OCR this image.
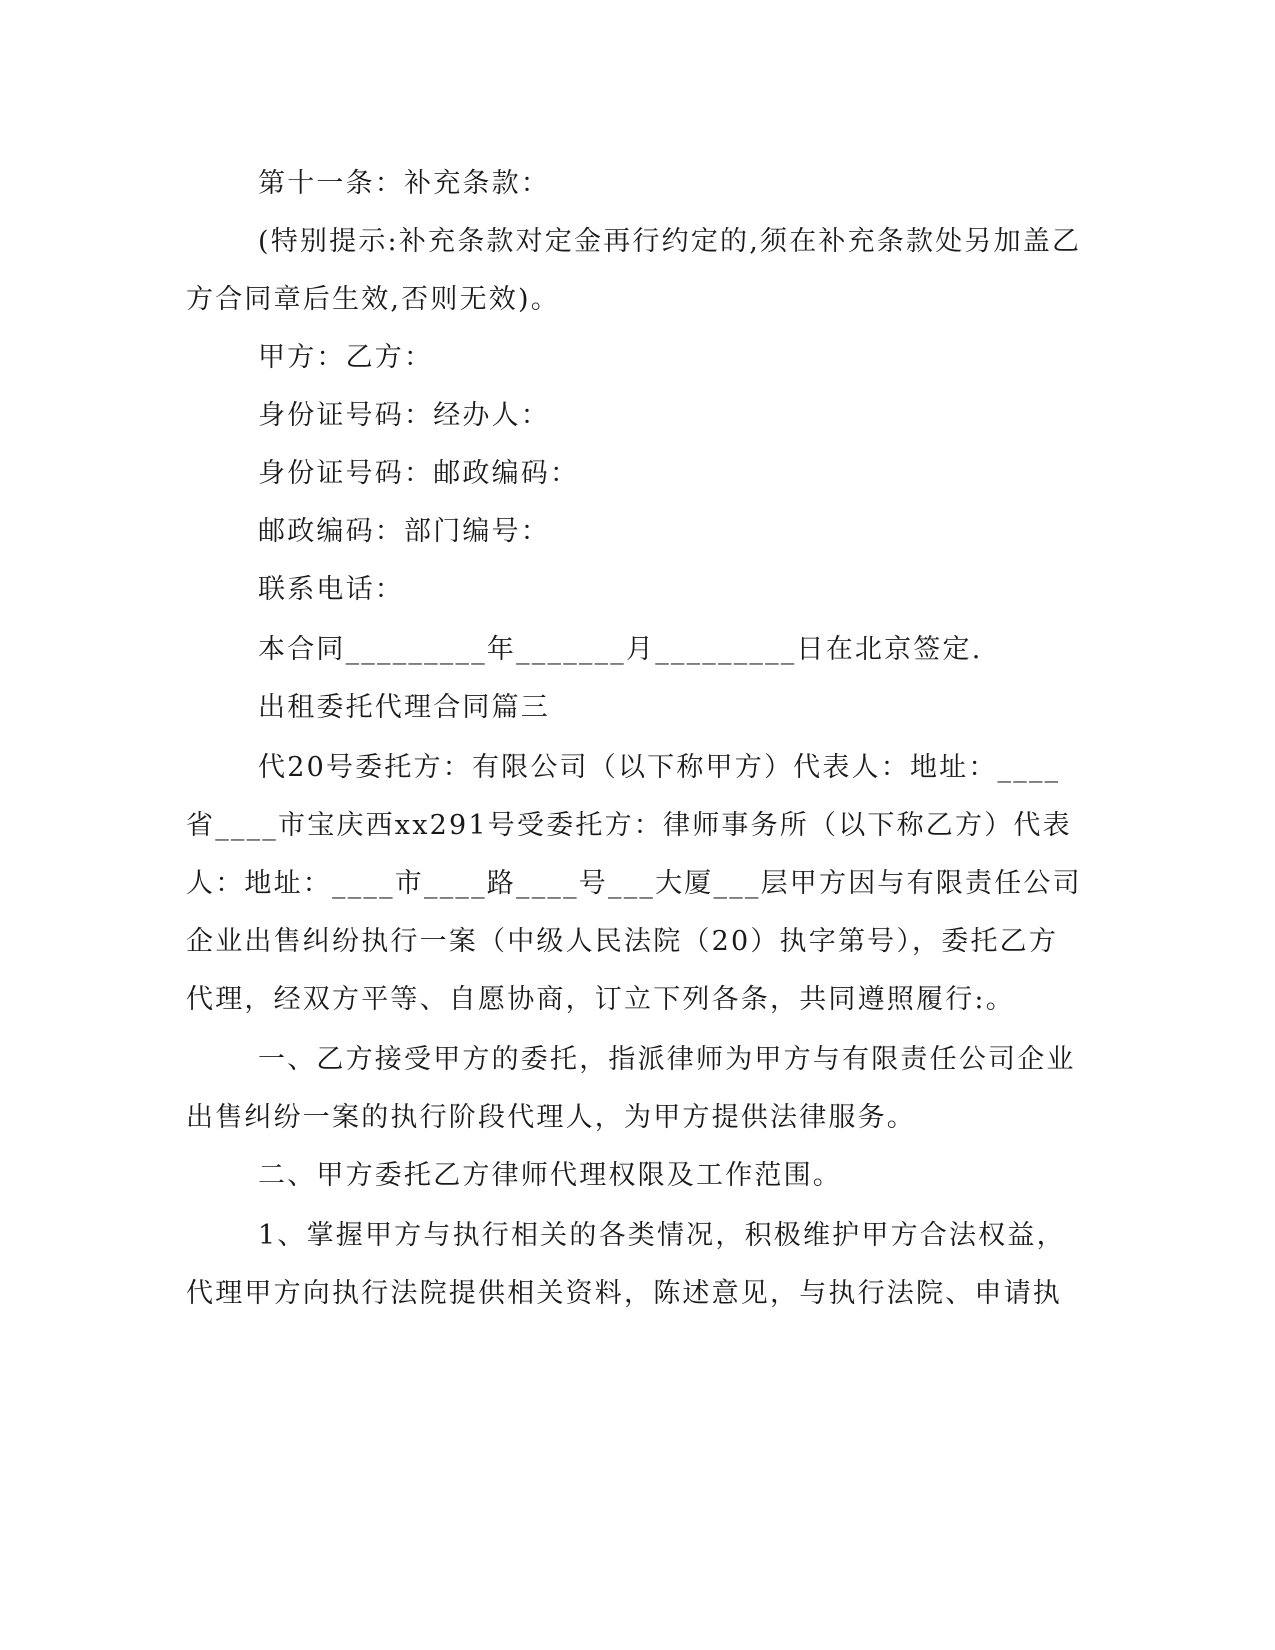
第十一条：补充条款：
(特别提示:补充条款对定金再行约定的,须在补充条款处另加盖乙
方合同章后生效,否则无效)。
甲方：乙方：
身份证号码：经办人：
身份证号码：邮政编码：
邮政编码：部门编号：
联系电话：
本合同_________年_______月_________日在北京签定.
出租委托代理合同篇三
代20号委托方：有限公司（以下称甲方）代表人：地址：____
省____市宝庆西xx291号受委托方：律师事务所（以下称乙方）代表
人：地址：____市____路____号___大厦___层甲方因与有限责任公司
企业出售纠纷执行一案（中级人民法院（20）执字第号），委托乙方
代理，经双方平等、自愿协商，订立下列各条，共同遵照履行:。
一、乙方接受甲方的委托，指派律师为甲方与有限责任公司企业
出售纠纷一案的执行阶段代理人，为甲方提供法律服务。
二、甲方委托乙方律师代理权限及工作范围。
1、掌握甲方与执行相关的各类情况，积极维护甲方合法权益，
代理甲方向执行法院提供相关资料，陈述意见，与执行法院、申请执
